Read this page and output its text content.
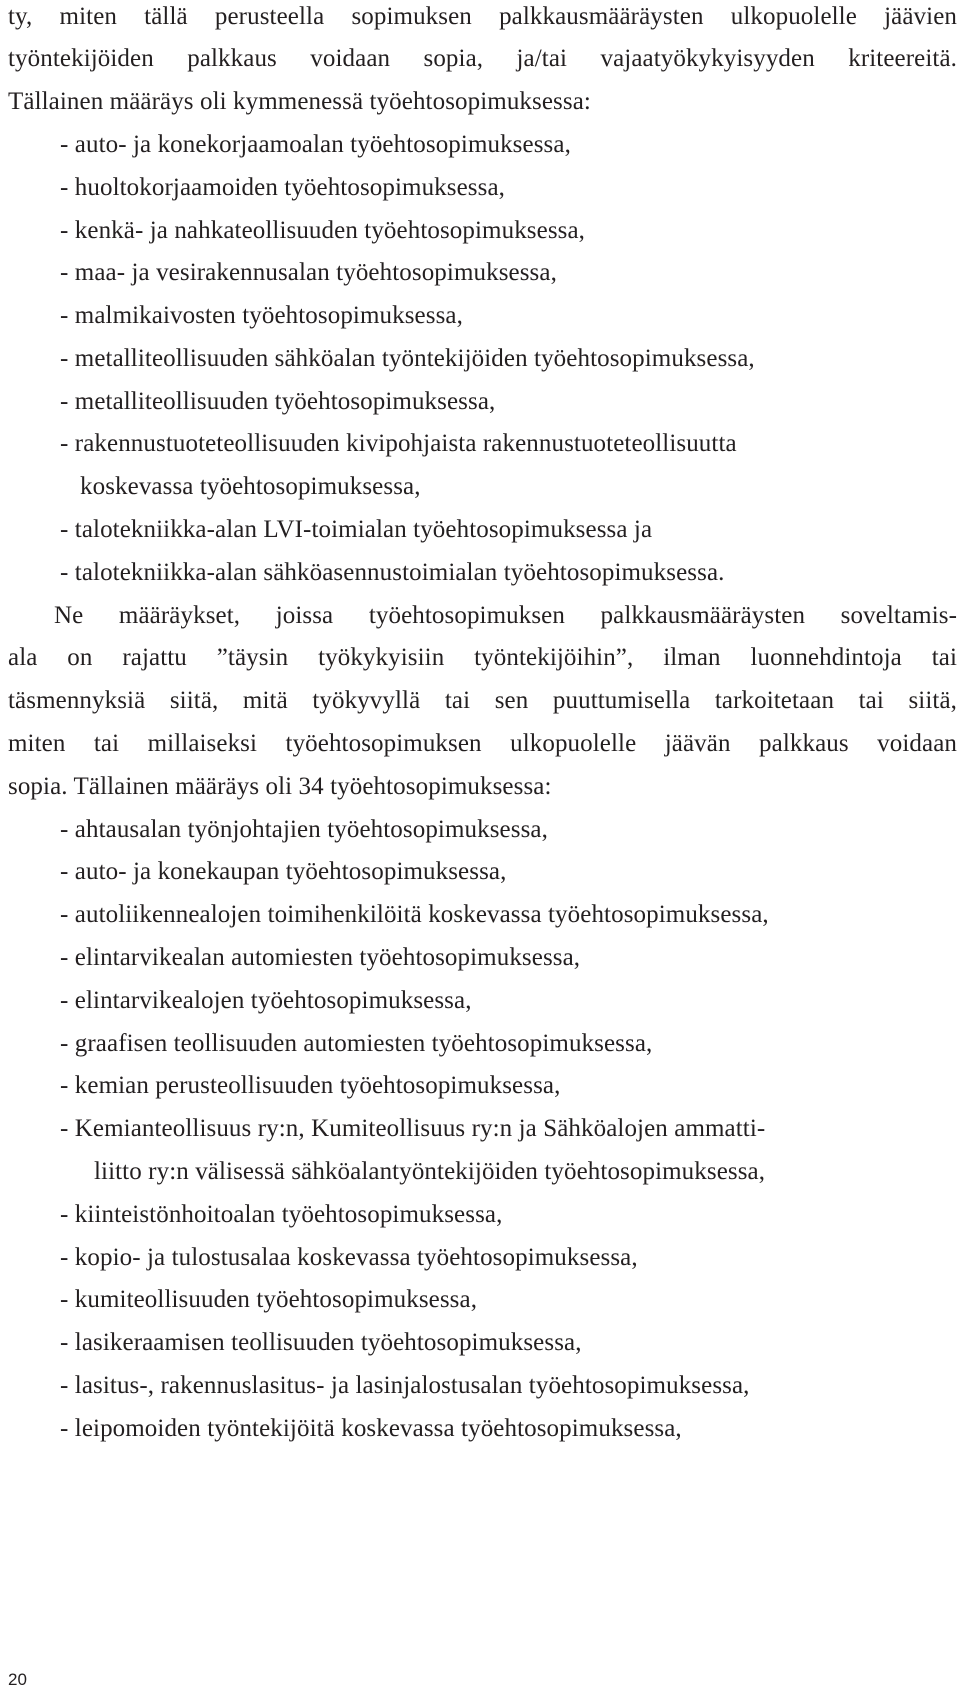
ty, miten tällä perusteella sopimuksen palkkausmääräysten ulkopuolelle jäävien
työntekijöiden palkkaus voidaan sopia, ja/tai vajaatyökykyisyyden kriteereitä.
Tällainen määräys oli kymmenessä työehtosopimuksessa:
- auto- ja konekorjaamoalan työehtosopimuksessa,
- huoltokorjaamoiden työehtosopimuksessa,
- kenkä- ja nahkateollisuuden työehtosopimuksessa,
- maa- ja vesirakennusalan työehtosopimuksessa,
- malmikaivosten työehtosopimuksessa,
- metalliteollisuuden sähköalan työntekijöiden työehtosopimuksessa,
- metalliteollisuuden työehtosopimuksessa,
- rakennustuoteteollisuuden kivipohjaista rakennustuoteteollisuutta
koskevassa työehtosopimuksessa,
- talotekniikka-alan LVI-toimialan työehtosopimuksessa ja
- talotekniikka-alan sähköasennustoimialan työehtosopimuksessa.
Ne määräykset, joissa työehtosopimuksen palkkausmääräysten soveltamis-
ala on rajattu ”täysin työkykyisiin työntekijöihin”, ilman luonnehdintoja tai
täsmennyksiä siitä, mitä työkyvyllä tai sen puuttumisella tarkoitetaan tai siitä,
miten tai millaiseksi työehtosopimuksen ulkopuolelle jäävän palkkaus voidaan
sopia. Tällainen määräys oli 34 työehtosopimuksessa:
- ahtausalan työnjohtajien työehtosopimuksessa,
- auto- ja konekaupan työehtosopimuksessa,
- autoliikennealojen toimihenkilöitä koskevassa työehtosopimuksessa,
- elintarvikealan automiesten työehtosopimuksessa,
- elintarvikealojen työehtosopimuksessa,
- graafisen teollisuuden automiesten työehtosopimuksessa,
- kemian perusteollisuuden työehtosopimuksessa,
- Kemianteollisuus ry:n, Kumiteollisuus ry:n ja Sähköalojen ammatti-
liitto ry:n välisessä sähköalantyöntekijöiden työehtosopimuksessa,
- kiinteistönhoitoalan työehtosopimuksessa,
- kopio- ja tulostusalaa koskevassa työehtosopimuksessa,
- kumiteollisuuden työehtosopimuksessa,
- lasikeraamisen teollisuuden työehtosopimuksessa,
- lasitus-, rakennuslasitus- ja lasinjalostusalan työehtosopimuksessa,
- leipomoiden työntekijöitä koskevassa työehtosopimuksessa,
20
